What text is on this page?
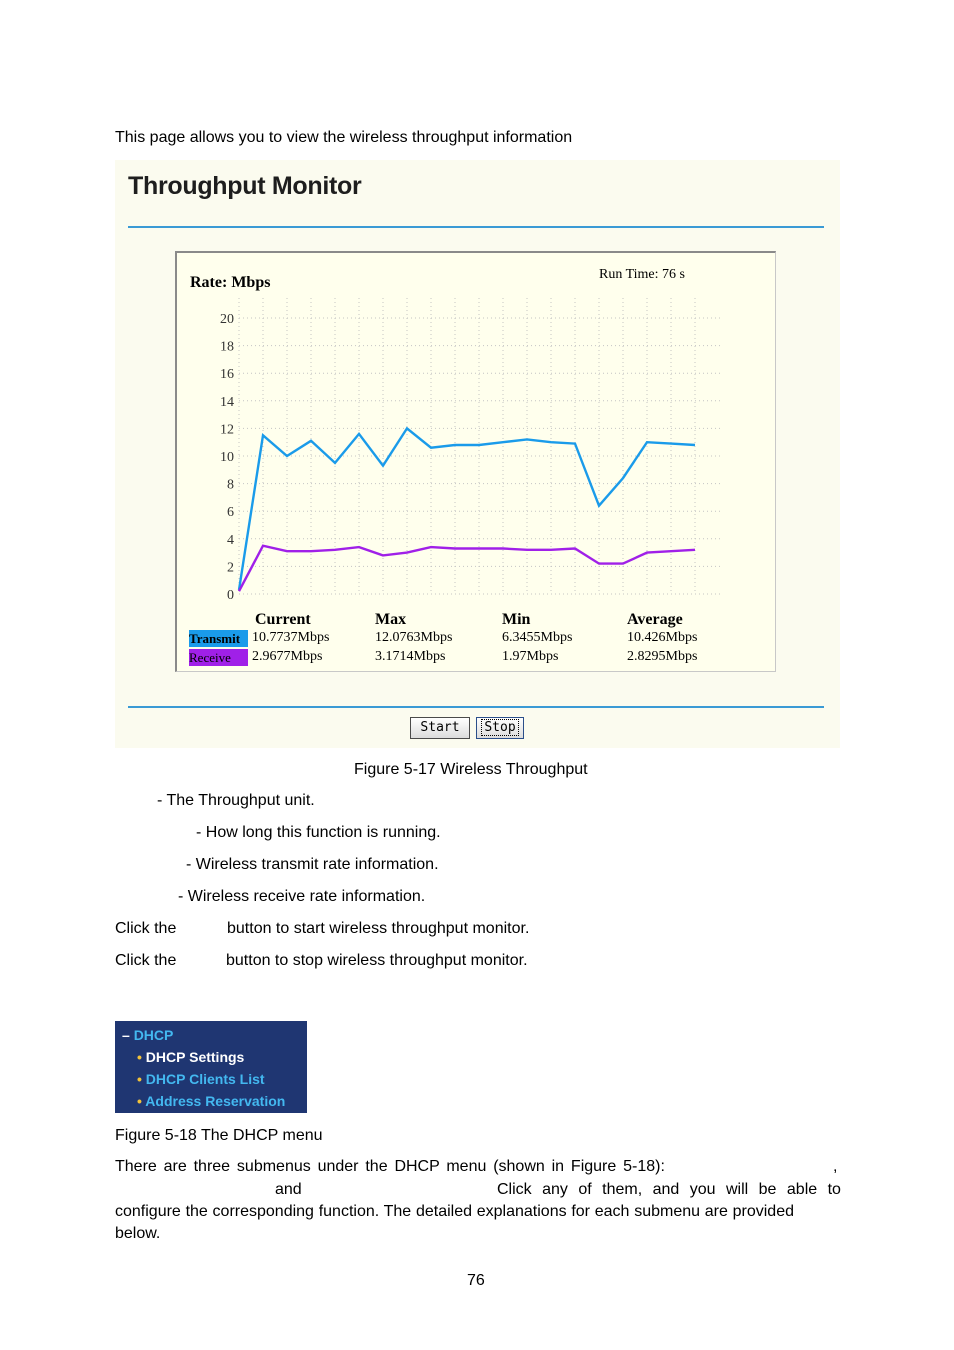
This page allows you to view the wireless throughput information
Throughput Monitor
0
2
4
6
8
10
12
14
16
18
20
Rate: Mbps	Run Time: 76 s
Current	Max	Min	Average
Transmit 10.7737Mbps	12.0763Mbps	6.3455Mbps	10.426Mbps
Receive	2.9677Mbps	3.1714Mbps	1.97Mbps	2.8295Mbps
Start	Stop
Figure 5-17 Wireless Throughput
- The Throughput unit.
- How long this function is running.
- Wireless transmit rate information.
- Wireless receive rate information.
Click the	button to start wireless throughput monitor.
Click the	button to stop wireless throughput monitor.
– DHCP
• DHCP Settings
• DHCP Clients List
• Address Reservation
Figure 5-18 The DHCP menu
There are three submenus under the DHCP menu (shown in Figure 5-18):	,
and	Click any of them, and you will be able to
configure the corresponding function. The detailed explanations for each submenu are provided
below.
76
